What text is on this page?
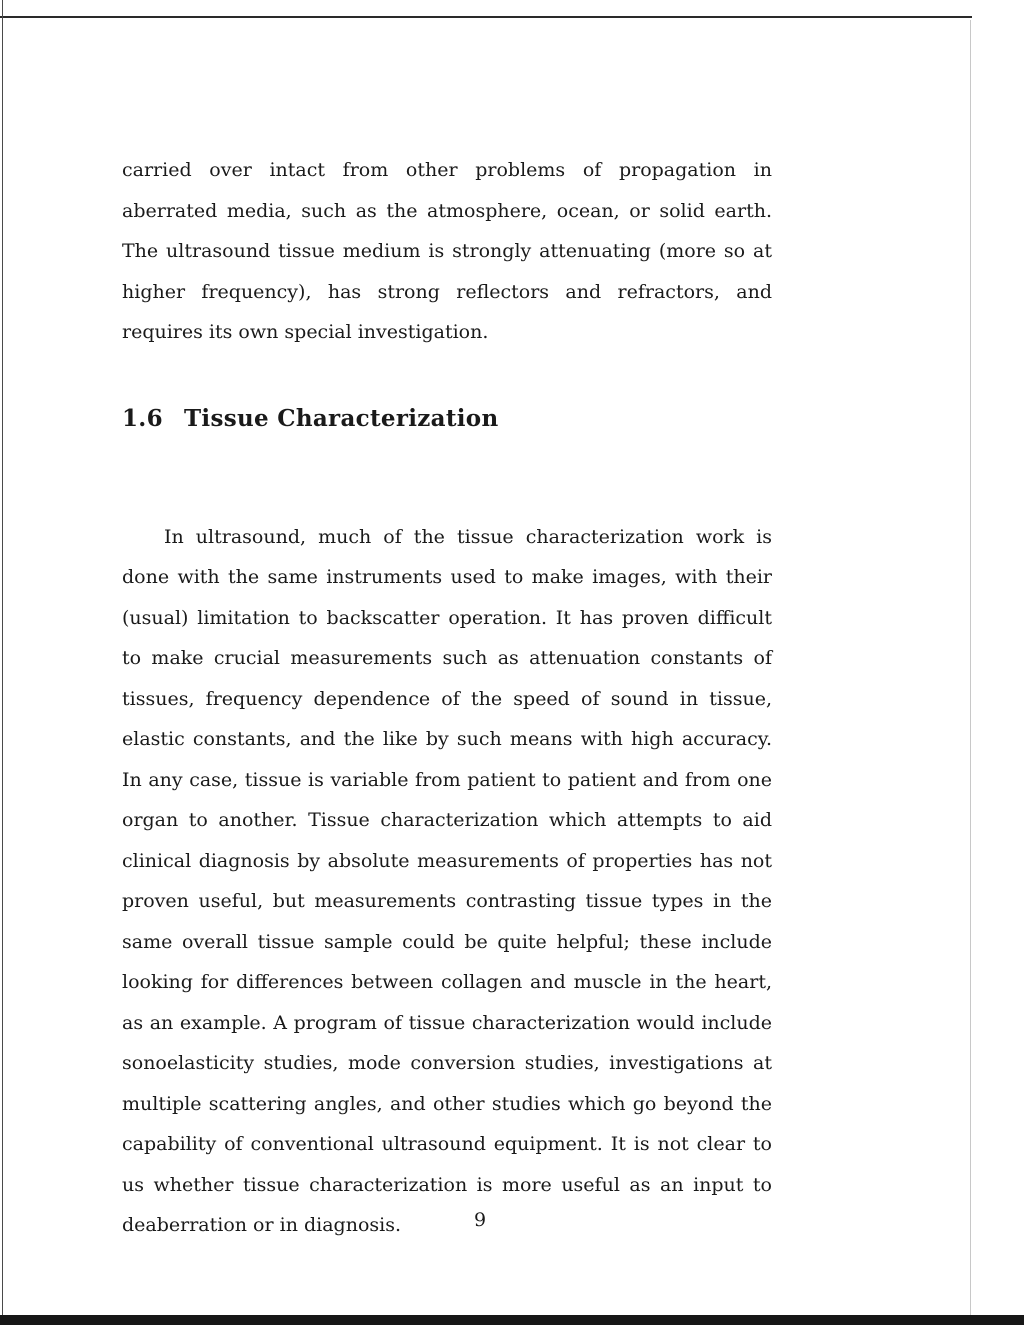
carried over intact from other problems of propagation in aberrated media, such as the atmosphere, ocean, or solid earth. The ultrasound tissue medium is strongly attenuating (more so at higher frequency), has strong reflectors and refractors, and requires its own special investigation.

1.6 Tissue Characterization

In ultrasound, much of the tissue characterization work is done with the same instruments used to make images, with their (usual) limitation to backscatter operation. It has proven difficult to make crucial measurements such as attenuation constants of tissues, frequency dependence of the speed of sound in tissue, elastic constants, and the like by such means with high accuracy. In any case, tissue is variable from patient to patient and from one organ to another. Tissue characterization which attempts to aid clinical diagnosis by absolute measurements of properties has not proven useful, but measurements contrasting tissue types in the same overall tissue sample could be quite helpful; these include looking for differences between collagen and muscle in the heart, as an example. A program of tissue characterization would include sonoelasticity studies, mode conversion studies, investigations at multiple scattering angles, and other studies which go beyond the capability of conventional ultrasound equipment. It is not clear to us whether tissue characterization is more useful as an input to deaberration or in diagnosis.	9
